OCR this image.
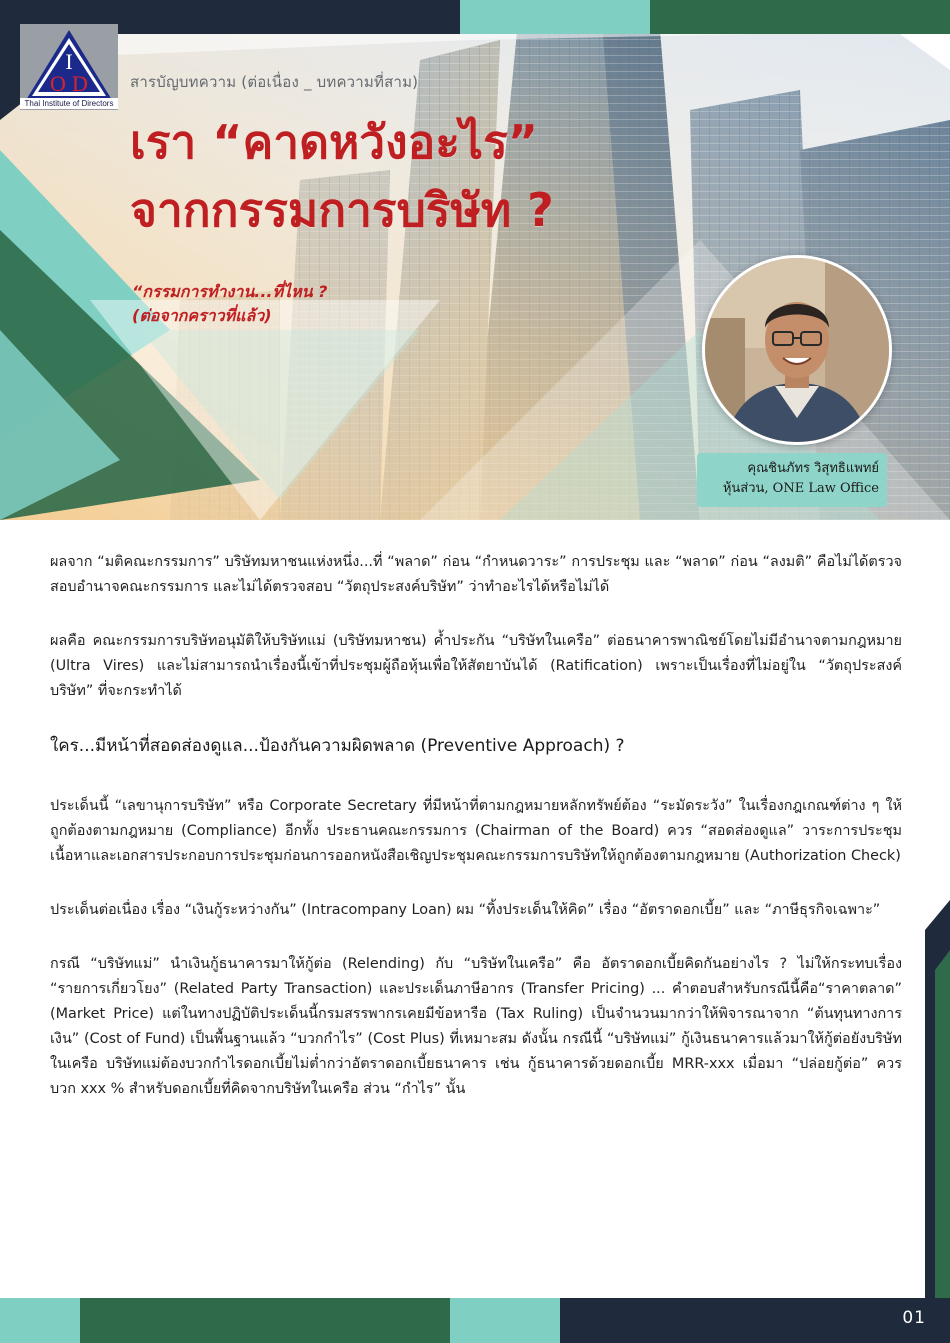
I
O D
Thai Institute of Directors
สารบัญบทความ (ต่อเนื่อง _ บทความที่สาม)
เรา “คาดหวังอะไร”
จากกรรมการบริษัท ?
“กรรมการทำงาน...ที่ไหน ?
(ต่อจากคราวที่แล้ว)
คุณชินภัทร วิสุทธิแพทย์
หุ้นส่วน, ONE Law Office

ผลจาก “มติคณะกรรมการ” บริษัทมหาชนแห่งหนึ่ง...ที่ “พลาด” ก่อน “กำหนดวาระ” การประชุม และ “พลาด” ก่อน “ลงมติ” คือไม่ได้ตรวจสอบอำนาจคณะกรรมการ และไม่ได้ตรวจสอบ “วัตถุประสงค์บริษัท” ว่าทำอะไรได้หรือไม่ได้

ผลคือ คณะกรรมการบริษัทอนุมัติให้บริษัทแม่ (บริษัทมหาชน) ค้ำประกัน “บริษัทในเครือ” ต่อธนาคารพาณิชย์โดยไม่มีอำนาจตามกฎหมาย (Ultra Vires) และไม่สามารถนำเรื่องนี้เข้าที่ประชุมผู้ถือหุ้นเพื่อให้สัตยาบันได้ (Ratification) เพราะเป็นเรื่องที่ไม่อยู่ใน “วัตถุประสงค์บริษัท” ที่จะกระทำได้

ใคร...มีหน้าที่สอดส่องดูแล...ป้องกันความผิดพลาด (Preventive Approach) ?

ประเด็นนี้ “เลขานุการบริษัท” หรือ Corporate Secretary ที่มีหน้าที่ตามกฎหมายหลักทรัพย์ต้อง “ระมัดระวัง” ในเรื่องกฎเกณฑ์ต่าง ๆ ให้ถูกต้องตามกฎหมาย (Compliance) อีกทั้ง ประธานคณะกรรมการ (Chairman of the Board) ควร “สอดส่องดูแล” วาระการประชุมเนื้อหาและเอกสารประกอบการประชุมก่อนการออกหนังสือเชิญประชุมคณะกรรมการบริษัทให้ถูกต้องตามกฎหมาย (Authorization Check)

ประเด็นต่อเนื่อง เรื่อง “เงินกู้ระหว่างกัน” (Intracompany Loan) ผม “ทิ้งประเด็นให้คิด” เรื่อง “อัตราดอกเบี้ย” และ “ภาษีธุรกิจเฉพาะ”

กรณี “บริษัทแม่” นำเงินกู้ธนาคารมาให้กู้ต่อ (Relending) กับ “บริษัทในเครือ” คือ อัตราดอกเบี้ยคิดกันอย่างไร ? ไม่ให้กระทบเรื่อง “รายการเกี่ยวโยง” (Related Party Transaction) และประเด็นภาษีอากร (Transfer Pricing) ... คำตอบสำหรับกรณีนี้คือ“ราคาตลาด” (Market Price) แต่ในทางปฏิบัติประเด็นนี้กรมสรรพากรเคยมีข้อหารือ (Tax Ruling) เป็นจำนวนมากว่าให้พิจารณาจาก “ต้นทุนทางการเงิน” (Cost of Fund) เป็นพื้นฐานแล้ว “บวกกำไร” (Cost Plus) ที่เหมาะสม ดังนั้น กรณีนี้ “บริษัทแม่” กู้เงินธนาคารแล้วมาให้กู้ต่อยังบริษัทในเครือ บริษัทแม่ต้องบวกกำไรดอกเบี้ยไม่ต่ำกว่าอัตราดอกเบี้ยธนาคาร เช่น กู้ธนาคารด้วยดอกเบี้ย MRR-xxx เมื่อมา “ปล่อยกู้ต่อ” ควรบวก xxx % สำหรับดอกเบี้ยที่คิดจากบริษัทในเครือ ส่วน “กำไร” นั้น

01
